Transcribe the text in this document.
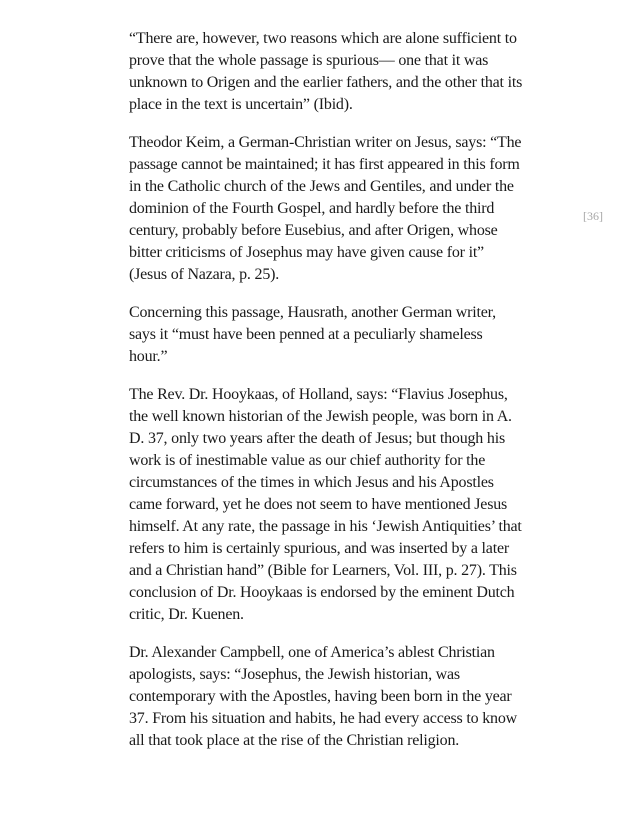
“There are, however, two reasons which are alone sufficient to prove that the whole passage is spurious— one that it was unknown to Origen and the earlier fathers, and the other that its place in the text is uncertain” (Ibid).

Theodor Keim, a German-Christian writer on Jesus, says: “The passage cannot be maintained; it has first appeared in this form in the Catholic church of the Jews and Gentiles, and under the dominion of the Fourth Gospel, and hardly before the third century, probably before Eusebius, and after Origen, whose bitter criticisms of Josephus may have given cause for it” (Jesus of Nazara, p. 25).

Concerning this passage, Hausrath, another German writer, says it “must have been penned at a peculiarly shameless hour.”

The Rev. Dr. Hooykaas, of Holland, says: “Flavius Josephus, the well known historian of the Jewish people, was born in A. D. 37, only two years after the death of Jesus; but though his work is of inestimable value as our chief authority for the circumstances of the times in which Jesus and his Apostles came forward, yet he does not seem to have mentioned Jesus himself. At any rate, the passage in his ‘Jewish Antiquities’ that refers to him is certainly spurious, and was inserted by a later and a Christian hand” (Bible for Learners, Vol. III, p. 27). This conclusion of Dr. Hooykaas is endorsed by the eminent Dutch critic, Dr. Kuenen.

Dr. Alexander Campbell, one of America’s ablest Christian apologists, says: “Josephus, the Jewish historian, was contemporary with the Apostles, having been born in the year 37. From his situation and habits, he had every access to know all that took place at the rise of the Christian religion.

[36]
